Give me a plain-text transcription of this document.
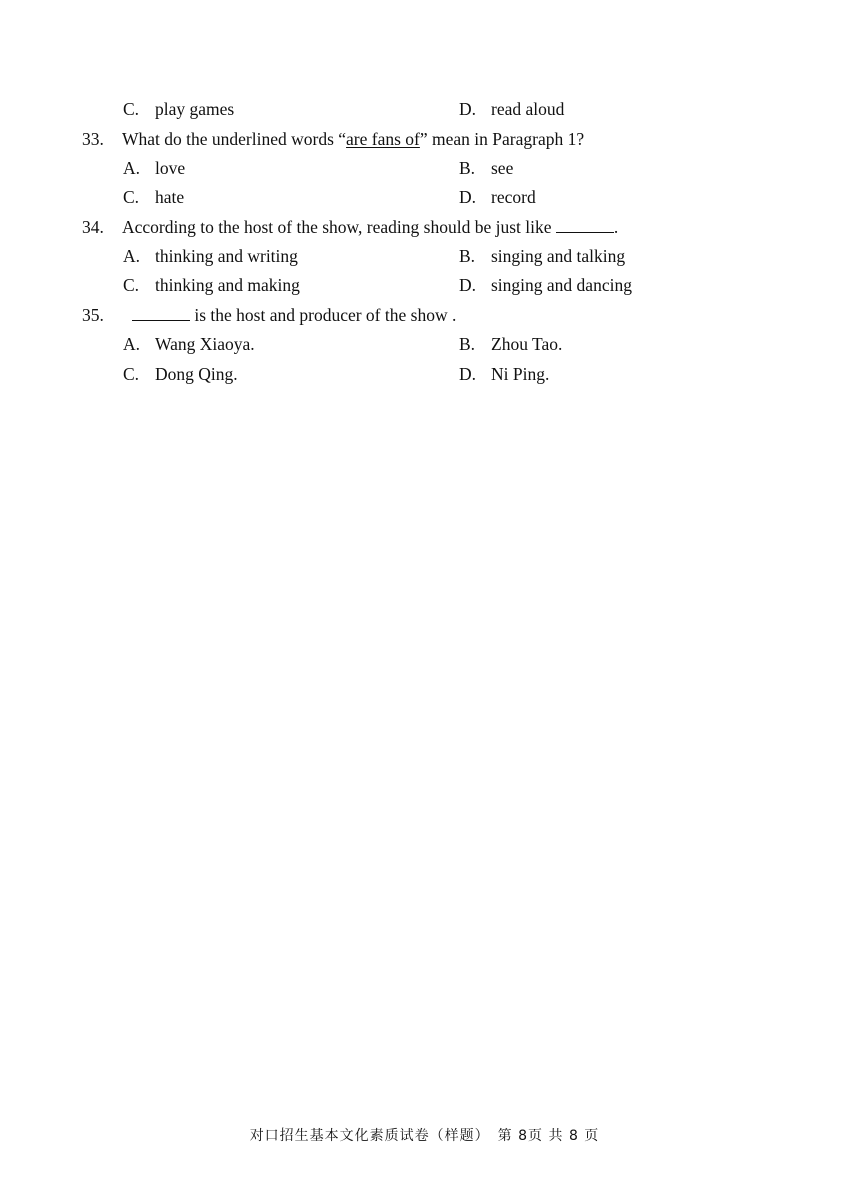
C. play games	D. read aloud
33. What do the underlined words “are fans of” mean in Paragraph 1?
A. love	B. see
C. hate	D. record
34. According to the host of the show, reading should be just like	.
A. thinking and writing	B. singing and talking
C. thinking and making	D. singing and dancing
35.	is the host and producer of the show .
A. Wang Xiaoya.	B. Zhou Tao.
C. Dong Qing.	D. Ni Ping.
对口招生基本文化素质试卷（样题）　第 8页 共 8 页
